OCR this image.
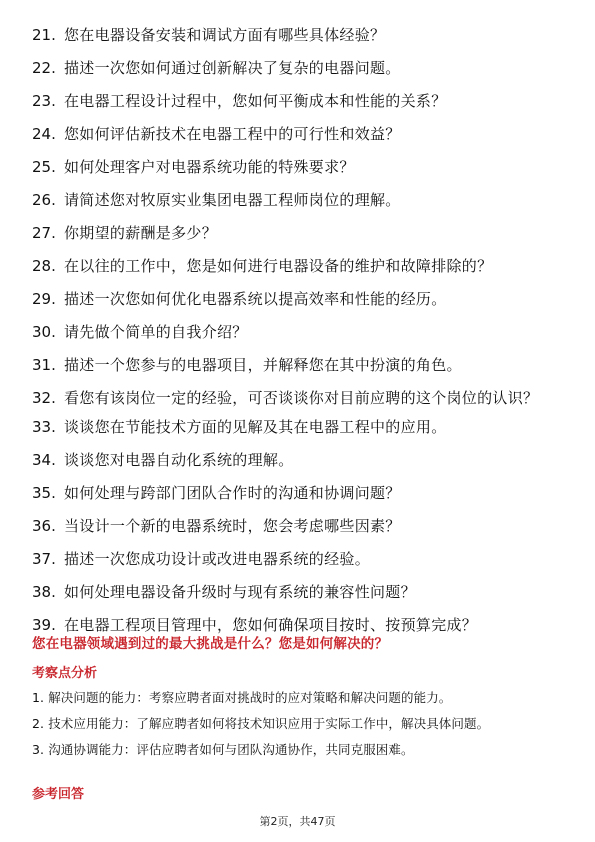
21. 您在电器设备安装和调试方面有哪些具体经验？
22. 描述一次您如何通过创新解决了复杂的电器问题。
23. 在电器工程设计过程中，您如何平衡成本和性能的关系？
24. 您如何评估新技术在电器工程中的可行性和效益？
25. 如何处理客户对电器系统功能的特殊要求？
26. 请简述您对牧原实业集团电器工程师岗位的理解。
27. 你期望的薪酬是多少？
28. 在以往的工作中，您是如何进行电器设备的维护和故障排除的？
29. 描述一次您如何优化电器系统以提高效率和性能的经历。
30. 请先做个简单的自我介绍？
31. 描述一个您参与的电器项目，并解释您在其中扮演的角色。
32. 看您有该岗位一定的经验，可否谈谈你对目前应聘的这个岗位的认识？
33. 谈谈您在节能技术方面的见解及其在电器工程中的应用。
34. 谈谈您对电器自动化系统的理解。
35. 如何处理与跨部门团队合作时的沟通和协调问题？
36. 当设计一个新的电器系统时，您会考虑哪些因素？
37. 描述一次您成功设计或改进电器系统的经验。
38. 如何处理电器设备升级时与现有系统的兼容性问题？
39. 在电器工程项目管理中，您如何确保项目按时、按预算完成？
您在电器领域遇到过的最大挑战是什么？您是如何解决的？
考察点分析
1. 解决问题的能力：考察应聘者面对挑战时的应对策略和解决问题的能力。
2. 技术应用能力：了解应聘者如何将技术知识应用于实际工作中，解决具体问题。
3. 沟通协调能力：评估应聘者如何与团队沟通协作，共同克服困难。
参考回答
第2页，共47页
